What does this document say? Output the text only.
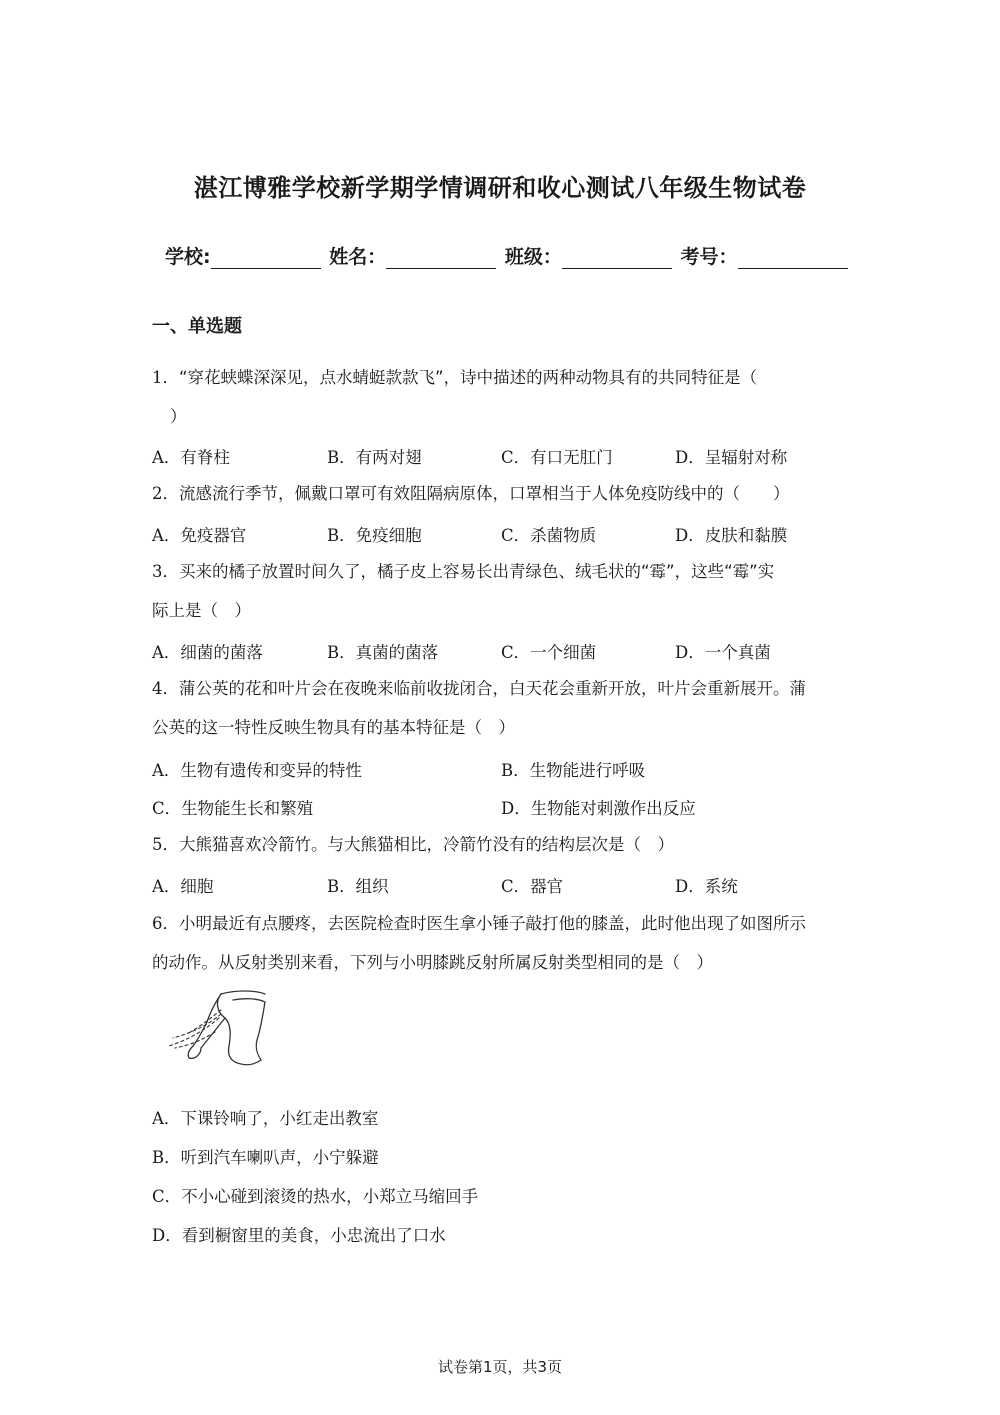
湛江博雅学校新学期学情调研和收心测试八年级生物试卷
学校:	姓名：	班级：	考号：
一、单选题
1．“穿花蛱蝶深深见，点水蜻蜓款款飞”，诗中描述的两种动物具有的共同特征是（
）
A．有脊柱	B．有两对翅	C．有口无肛门	D．呈辐射对称
2．流感流行季节，佩戴口罩可有效阻隔病原体，口罩相当于人体免疫防线中的（　　）
A．免疫器官	B．免疫细胞	C．杀菌物质	D．皮肤和黏膜
3．买来的橘子放置时间久了，橘子皮上容易长出青绿色、绒毛状的“霉”，这些“霉”实
际上是（　）
A．细菌的菌落	B．真菌的菌落	C．一个细菌	D．一个真菌
4．蒲公英的花和叶片会在夜晚来临前收拢闭合，白天花会重新开放，叶片会重新展开。蒲
公英的这一特性反映生物具有的基本特征是（　）
A．生物有遗传和变异的特性	B．生物能进行呼吸
C．生物能生长和繁殖	D．生物能对刺激作出反应
5．大熊猫喜欢冷箭竹。与大熊猫相比，冷箭竹没有的结构层次是（　）
A．细胞	B．组织	C．器官	D．系统
6．小明最近有点腰疼，去医院检查时医生拿小锤子敲打他的膝盖，此时他出现了如图所示
的动作。从反射类别来看，下列与小明膝跳反射所属反射类型相同的是（　）
A．下课铃响了，小红走出教室
B．听到汽车喇叭声，小宁躲避
C．不小心碰到滚烫的热水，小郑立马缩回手
D．看到橱窗里的美食，小忠流出了口水
试卷第1页，共3页
